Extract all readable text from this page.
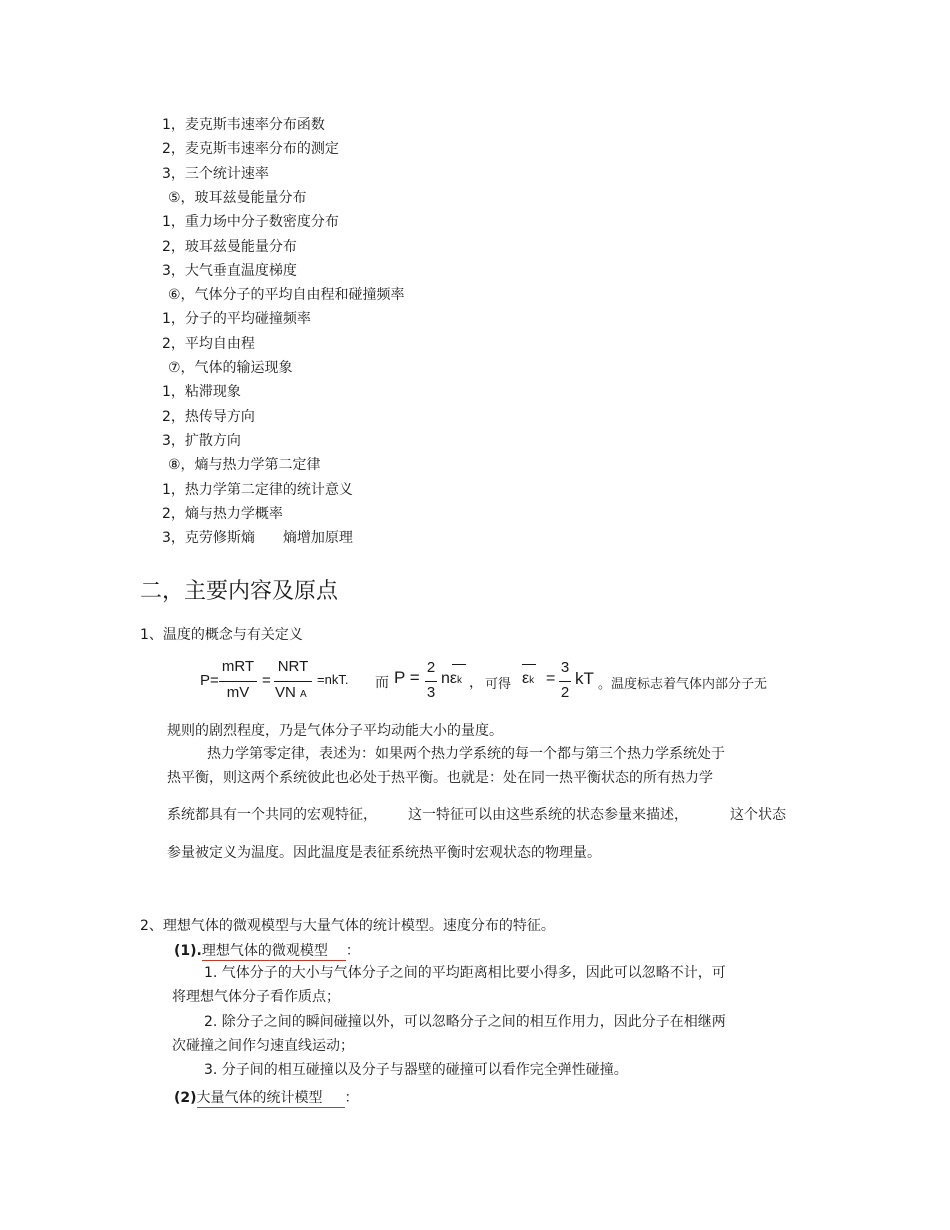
1，麦克斯韦速率分布函数
2，麦克斯韦速率分布的测定
3，三个统计速率
⑤，玻耳兹曼能量分布
1，重力场中分子数密度分布
2，玻耳兹曼能量分布
3，大气垂直温度梯度
⑥，气体分子的平均自由程和碰撞频率
1，分子的平均碰撞频率
2，平均自由程
⑦，气体的输运现象
1，粘滞现象
2，热传导方向
3，扩散方向
⑧，熵与热力学第二定律
1，热力学第二定律的统计意义
2，熵与热力学概率
3，克劳修斯熵　　熵增加原理
二，主要内容及原点
1、温度的概念与有关定义
P=
mRT
mV
=
NRT
VN A
=nkT. 而 P =
2
3
nεk ， 可得 εk =
3
2
kT 。温度标志着气体内部分子无
规则的剧烈程度，乃是气体分子平均动能大小的量度。
热力学第零定律，表述为：如果两个热力学系统的每一个都与第三个热力学系统处于
热平衡，则这两个系统彼此也必处于热平衡。也就是：处在同一热平衡状态的所有热力学
系统都具有一个共同的宏观特征， 这一特征可以由这些系统的状态参量来描述，	这个状态
参量被定义为温度。因此温度是表征系统热平衡时宏观状态的物理量。
2、理想气体的微观模型与大量气体的统计模型。速度分布的特征。
(1).理想气体的微观模型 ：
1. 气体分子的大小与气体分子之间的平均距离相比要小得多，因此可以忽略不计，可
将理想气体分子看作质点；
2. 除分子之间的瞬间碰撞以外，可以忽略分子之间的相互作用力，因此分子在相继两
次碰撞之间作匀速直线运动；
3. 分子间的相互碰撞以及分子与器壁的碰撞可以看作完全弹性碰撞。
(2)大量气体的统计模型 ：
